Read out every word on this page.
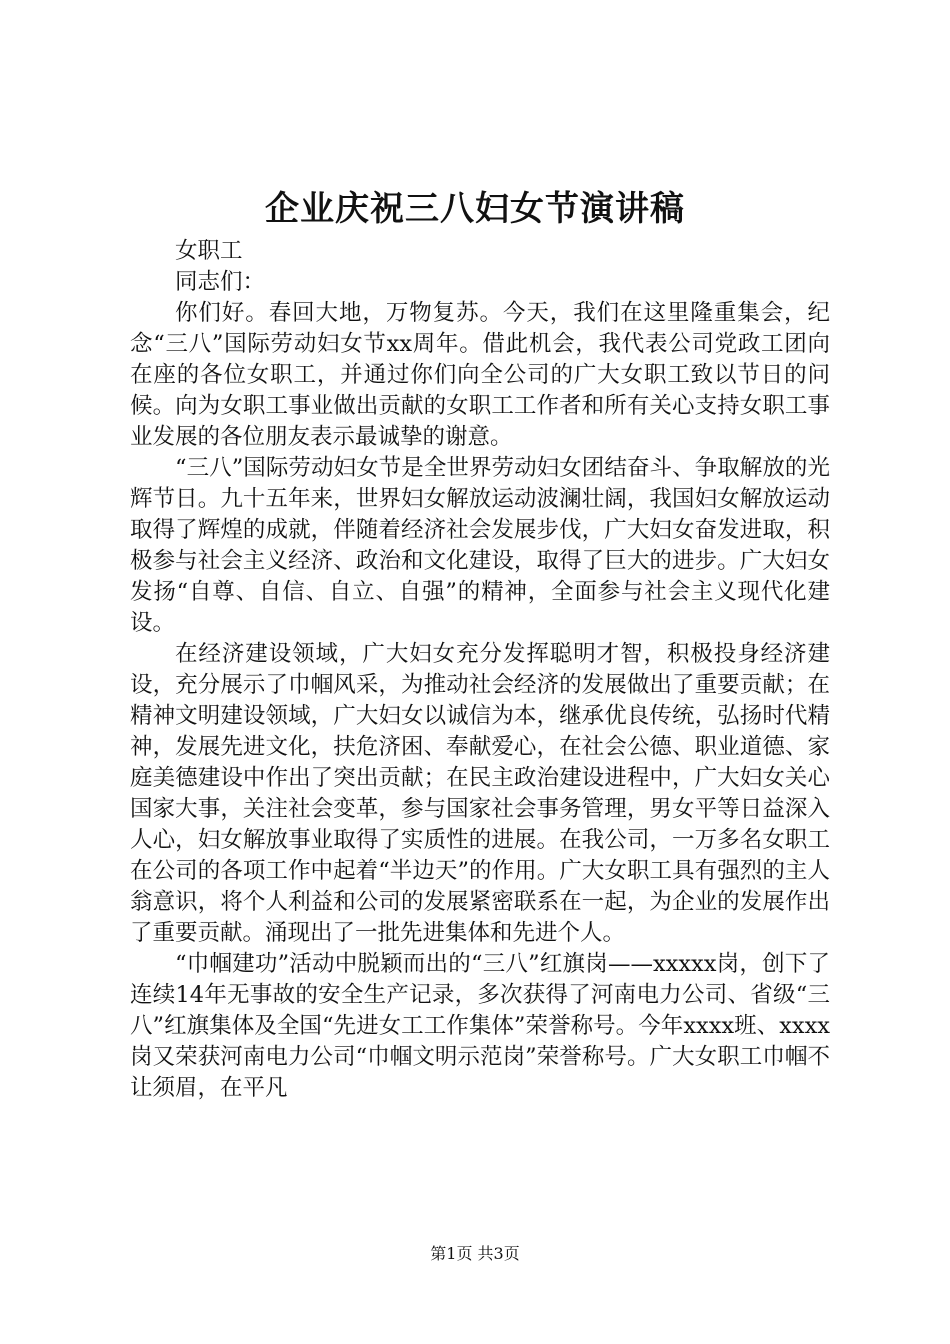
企业庆祝三八妇女节演讲稿

女职工

同志们：

你们好。春回大地，万物复苏。今天，我们在这里隆重集会，纪念“三八”国际劳动妇女节xx周年。借此机会，我代表公司党政工团向在座的各位女职工，并通过你们向全公司的广大女职工致以节日的问候。向为女职工事业做出贡献的女职工工作者和所有关心支持女职工事业发展的各位朋友表示最诚挚的谢意。

“三八”国际劳动妇女节是全世界劳动妇女团结奋斗、争取解放的光辉节日。九十五年来，世界妇女解放运动波澜壮阔，我国妇女解放运动取得了辉煌的成就，伴随着经济社会发展步伐，广大妇女奋发进取，积极参与社会主义经济、政治和文化建设，取得了巨大的进步。广大妇女发扬“自尊、自信、自立、自强”的精神，全面参与社会主义现代化建设。

在经济建设领域，广大妇女充分发挥聪明才智，积极投身经济建设，充分展示了巾帼风采，为推动社会经济的发展做出了重要贡献；在精神文明建设领域，广大妇女以诚信为本，继承优良传统，弘扬时代精神，发展先进文化，扶危济困、奉献爱心，在社会公德、职业道德、家庭美德建设中作出了突出贡献；在民主政治建设进程中，广大妇女关心国家大事，关注社会变革，参与国家社会事务管理，男女平等日益深入人心，妇女解放事业取得了实质性的进展。在我公司，一万多名女职工在公司的各项工作中起着“半边天”的作用。广大女职工具有强烈的主人翁意识，将个人利益和公司的发展紧密联系在一起，为企业的发展作出了重要贡献。涌现出了一批先进集体和先进个人。

“巾帼建功”活动中脱颖而出的“三八”红旗岗——xxxxx岗，创下了连续14年无事故的安全生产记录，多次获得了河南电力公司、省级“三八”红旗集体及全国“先进女工工作集体”荣誉称号。今年xxxx班、xxxx岗又荣获河南电力公司“巾帼文明示范岗”荣誉称号。广大女职工巾帼不让须眉，在平凡

第1页 共3页
